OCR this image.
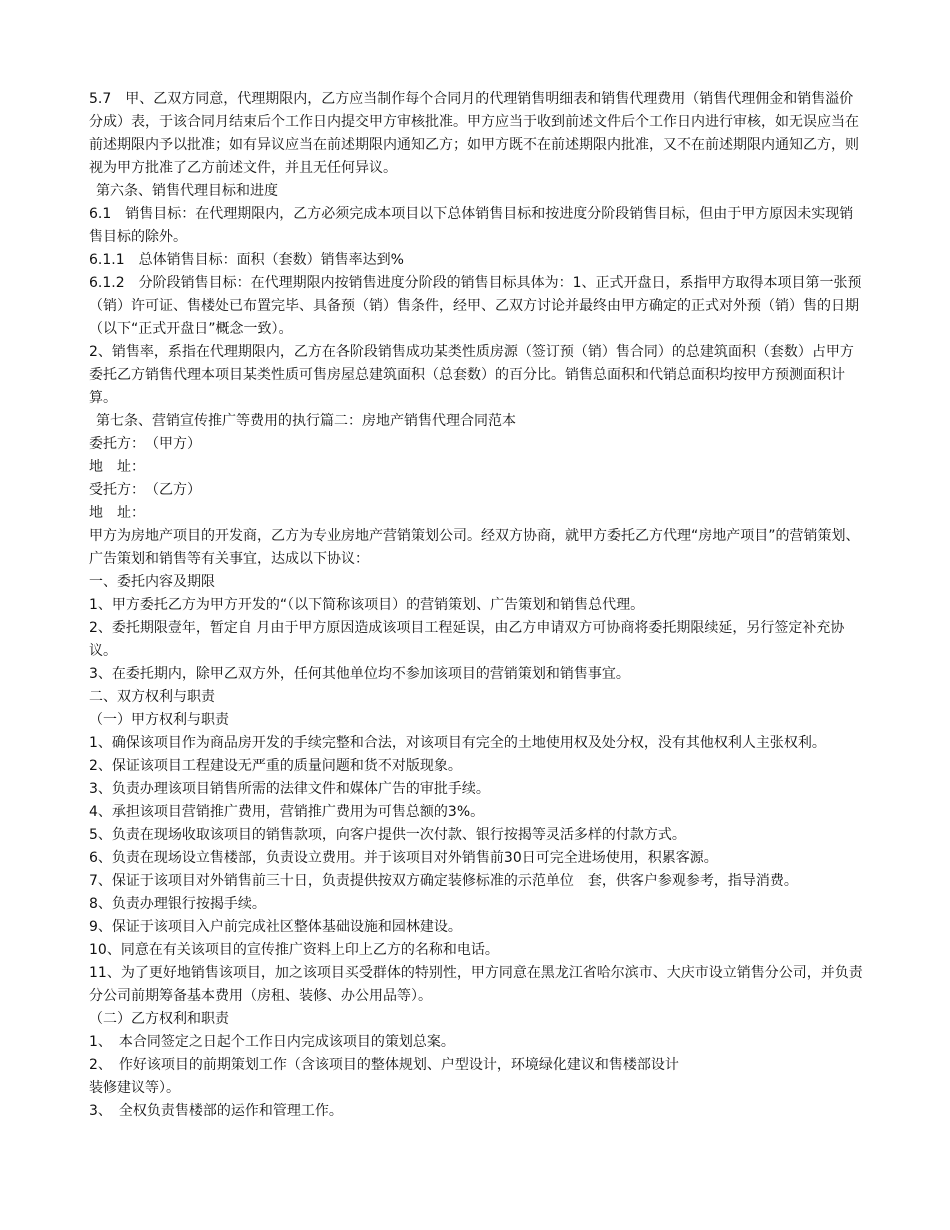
5.7　甲、乙双方同意，代理期限内，乙方应当制作每个合同月的代理销售明细表和销售代理费用（销售代理佣金和销售溢价分成）表，于该合同月结束后个工作日内提交甲方审核批准。甲方应当于收到前述文件后个工作日内进行审核，如无误应当在前述期限内予以批准；如有异议应当在前述期限内通知乙方；如甲方既不在前述期限内批准，又不在前述期限内通知乙方，则视为甲方批准了乙方前述文件，并且无任何异议。

第六条、销售代理目标和进度

6.1　销售目标：在代理期限内，乙方必须完成本项目以下总体销售目标和按进度分阶段销售目标，但由于甲方原因未实现销售目标的除外。

6.1.1　总体销售目标：面积（套数）销售率达到%

6.1.2　分阶段销售目标：在代理期限内按销售进度分阶段的销售目标具体为：1、正式开盘日，系指甲方取得本项目第一张预（销）许可证、售楼处已布置完毕、具备预（销）售条件，经甲、乙双方讨论并最终由甲方确定的正式对外预（销）售的日期（以下“正式开盘日”概念一致）。

2、销售率，系指在代理期限内，乙方在各阶段销售成功某类性质房源（签订预（销）售合同）的总建筑面积（套数）占甲方委托乙方销售代理本项目某类性质可售房屋总建筑面积（总套数）的百分比。销售总面积和代销总面积均按甲方预测面积计算。

第七条、营销宣传推广等费用的执行篇二：房地产销售代理合同范本

委托方：　（甲方）

地　址：

受托方：　（乙方）

地　址：

甲方为房地产项目的开发商，乙方为专业房地产营销策划公司。经双方协商，就甲方委托乙方代理“房地产项目”的营销策划、广告策划和销售等有关事宜，达成以下协议：

一、委托内容及期限

1、甲方委托乙方为甲方开发的“（以下简称该项目）的营销策划、广告策划和销售总代理。

2、委托期限壹年，暂定自 月由于甲方原因造成该项目工程延误，由乙方申请双方可协商将委托期限续延，另行签定补充协议。

3、在委托期内，除甲乙双方外，任何其他单位均不参加该项目的营销策划和销售事宜。

二、双方权利与职责

（一）甲方权利与职责

1、确保该项目作为商品房开发的手续完整和合法，对该项目有完全的土地使用权及处分权，没有其他权利人主张权利。

2、保证该项目工程建设无严重的质量问题和货不对版现象。

3、负责办理该项目销售所需的法律文件和媒体广告的审批手续。

4、承担该项目营销推广费用，营销推广费用为可售总额的3%。

5、负责在现场收取该项目的销售款项，向客户提供一次付款、银行按揭等灵活多样的付款方式。

6、负责在现场设立售楼部，负责设立费用。并于该项目对外销售前30日可完全进场使用，积累客源。

7、保证于该项目对外销售前三十日，负责提供按双方确定装修标准的示范单位　套，供客户参观参考，指导消费。

8、负责办理银行按揭手续。

9、保证于该项目入户前完成社区整体基础设施和园林建设。

10、同意在有关该项目的宣传推广资料上印上乙方的名称和电话。

11、为了更好地销售该项目，加之该项目买受群体的特别性，甲方同意在黑龙江省哈尔滨市、大庆市设立销售分公司，并负责分公司前期筹备基本费用（房租、装修、办公用品等）。

（二）乙方权利和职责

1、　本合同签定之日起个工作日内完成该项目的策划总案。

2、　作好该项目的前期策划工作（含该项目的整体规划、户型设计，环境绿化建议和售楼部设计

装修建议等）。

3、　全权负责售楼部的运作和管理工作。
